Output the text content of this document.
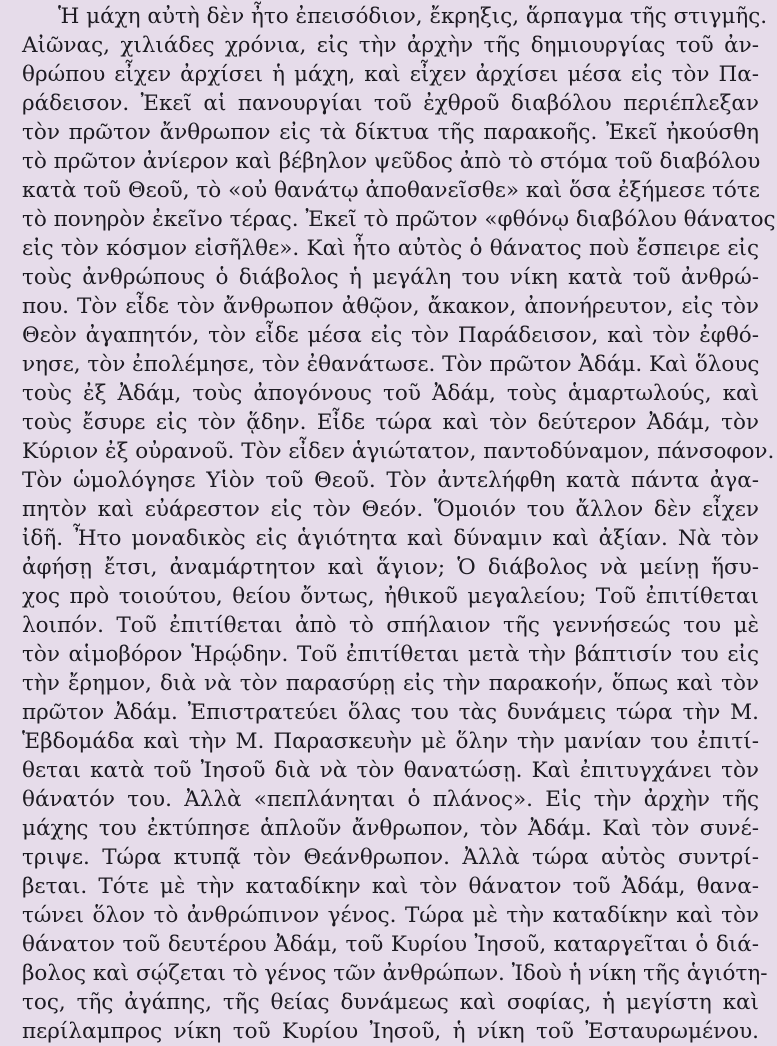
Ἡ μάχη αὐτὴ δὲν ἦτο ἐπεισόδιον, ἔκρηξις, ἅρπαγμα τῆς στιγμῆς.
Αἰῶνας, χιλιάδες χρόνια, εἰς τὴν ἀρχὴν τῆς δημιουργίας τοῦ ἀν-
θρώπου εἶχεν ἀρχίσει ἡ μάχη, καὶ εἶχεν ἀρχίσει μέσα εἰς τὸν Πα-
ράδεισον. Ἐκεῖ αἱ πανουργίαι τοῦ ἐχθροῦ διαβόλου περιέπλεξαν
τὸν πρῶτον ἄνθρωπον εἰς τὰ δίκτυα τῆς παρακοῆς. Ἐκεῖ ἠκούσθη
τὸ πρῶτον ἀνίερον καὶ βέβηλον ψεῦδος ἀπὸ τὸ στόμα τοῦ διαβόλου
κατὰ τοῦ Θεοῦ, τὸ «οὐ θανάτῳ ἀποθανεῖσθε» καὶ ὅσα ἐξήμεσε τότε
τὸ πονηρὸν ἐκεῖνο τέρας. Ἐκεῖ τὸ πρῶτον «φθόνῳ διαβόλου θάνατος
εἰς τὸν κόσμον εἰσῆλθε». Καὶ ἦτο αὐτὸς ὁ θάνατος ποὺ ἔσπειρε εἰς
τοὺς ἀνθρώπους ὁ διάβολος ἡ μεγάλη του νίκη κατὰ τοῦ ἀνθρώ-
που. Τὸν εἶδε τὸν ἄνθρωπον ἀθῷον, ἄκακον, ἀπονήρευτον, εἰς τὸν
Θεὸν ἀγαπητόν, τὸν εἶδε μέσα εἰς τὸν Παράδεισον, καὶ τὸν ἐφθό-
νησε, τὸν ἐπολέμησε, τὸν ἐθανάτωσε. Τὸν πρῶτον Ἀδάμ. Καὶ ὅλους
τοὺς ἐξ Ἀδάμ, τοὺς ἀπογόνους τοῦ Ἀδάμ, τοὺς ἁμαρτωλούς, καὶ
τοὺς ἔσυρε εἰς τὸν ᾅδην. Εἶδε τώρα καὶ τὸν δεύτερον Ἀδάμ, τὸν
Κύριον ἐξ οὐρανοῦ. Τὸν εἶδεν ἁγιώτατον, παντοδύναμον, πάνσοφον.
Τὸν ὡμολόγησε Υἱὸν τοῦ Θεοῦ. Τὸν ἀντελήφθη κατὰ πάντα ἀγα-
πητὸν καὶ εὐάρεστον εἰς τὸν Θεόν. Ὅμοιόν του ἄλλον δὲν εἶχεν
ἰδῆ. Ἦτο μοναδικὸς εἰς ἁγιότητα καὶ δύναμιν καὶ ἀξίαν. Νὰ τὸν
ἀφήσῃ ἔτσι, ἀναμάρτητον καὶ ἅγιον; Ὁ διάβολος νὰ μείνῃ ἥσυ-
χος πρὸ τοιούτου, θείου ὄντως, ἠθικοῦ μεγαλείου; Τοῦ ἐπιτίθεται
λοιπόν. Τοῦ ἐπιτίθεται ἀπὸ τὸ σπήλαιον τῆς γεννήσεώς του μὲ
τὸν αἱμοβόρον Ἡρῴδην. Τοῦ ἐπιτίθεται μετὰ τὴν βάπτισίν του εἰς
τὴν ἔρημον, διὰ νὰ τὸν παρασύρῃ εἰς τὴν παρακοήν, ὅπως καὶ τὸν
πρῶτον Ἀδάμ. Ἐπιστρατεύει ὅλας του τὰς δυνάμεις τώρα τὴν Μ.
Ἑβδομάδα καὶ τὴν Μ. Παρασκευὴν μὲ ὅλην τὴν μανίαν του ἐπιτί-
θεται κατὰ τοῦ Ἰησοῦ διὰ νὰ τὸν θανατώσῃ. Καὶ ἐπιτυγχάνει τὸν
θάνατόν του. Ἀλλὰ «πεπλάνηται ὁ πλάνος». Εἰς τὴν ἀρχὴν τῆς
μάχης του ἐκτύπησε ἁπλοῦν ἄνθρωπον, τὸν Ἀδάμ. Καὶ τὸν συνέ-
τριψε. Τώρα κτυπᾷ τὸν Θεάνθρωπον. Ἀλλὰ τώρα αὐτὸς συντρί-
βεται. Τότε μὲ τὴν καταδίκην καὶ τὸν θάνατον τοῦ Ἀδάμ, θανα-
τώνει ὅλον τὸ ἀνθρώπινον γένος. Τώρα μὲ τὴν καταδίκην καὶ τὸν
θάνατον τοῦ δευτέρου Ἀδάμ, τοῦ Κυρίου Ἰησοῦ, καταργεῖται ὁ διά-
βολος καὶ σῴζεται τὸ γένος τῶν ἀνθρώπων. Ἰδοὺ ἡ νίκη τῆς ἁγιότη-
τος, τῆς ἀγάπης, τῆς θείας δυνάμεως καὶ σοφίας, ἡ μεγίστη καὶ
περίλαμπρος νίκη τοῦ Κυρίου Ἰησοῦ, ἡ νίκη τοῦ Ἐσταυρωμένου.
